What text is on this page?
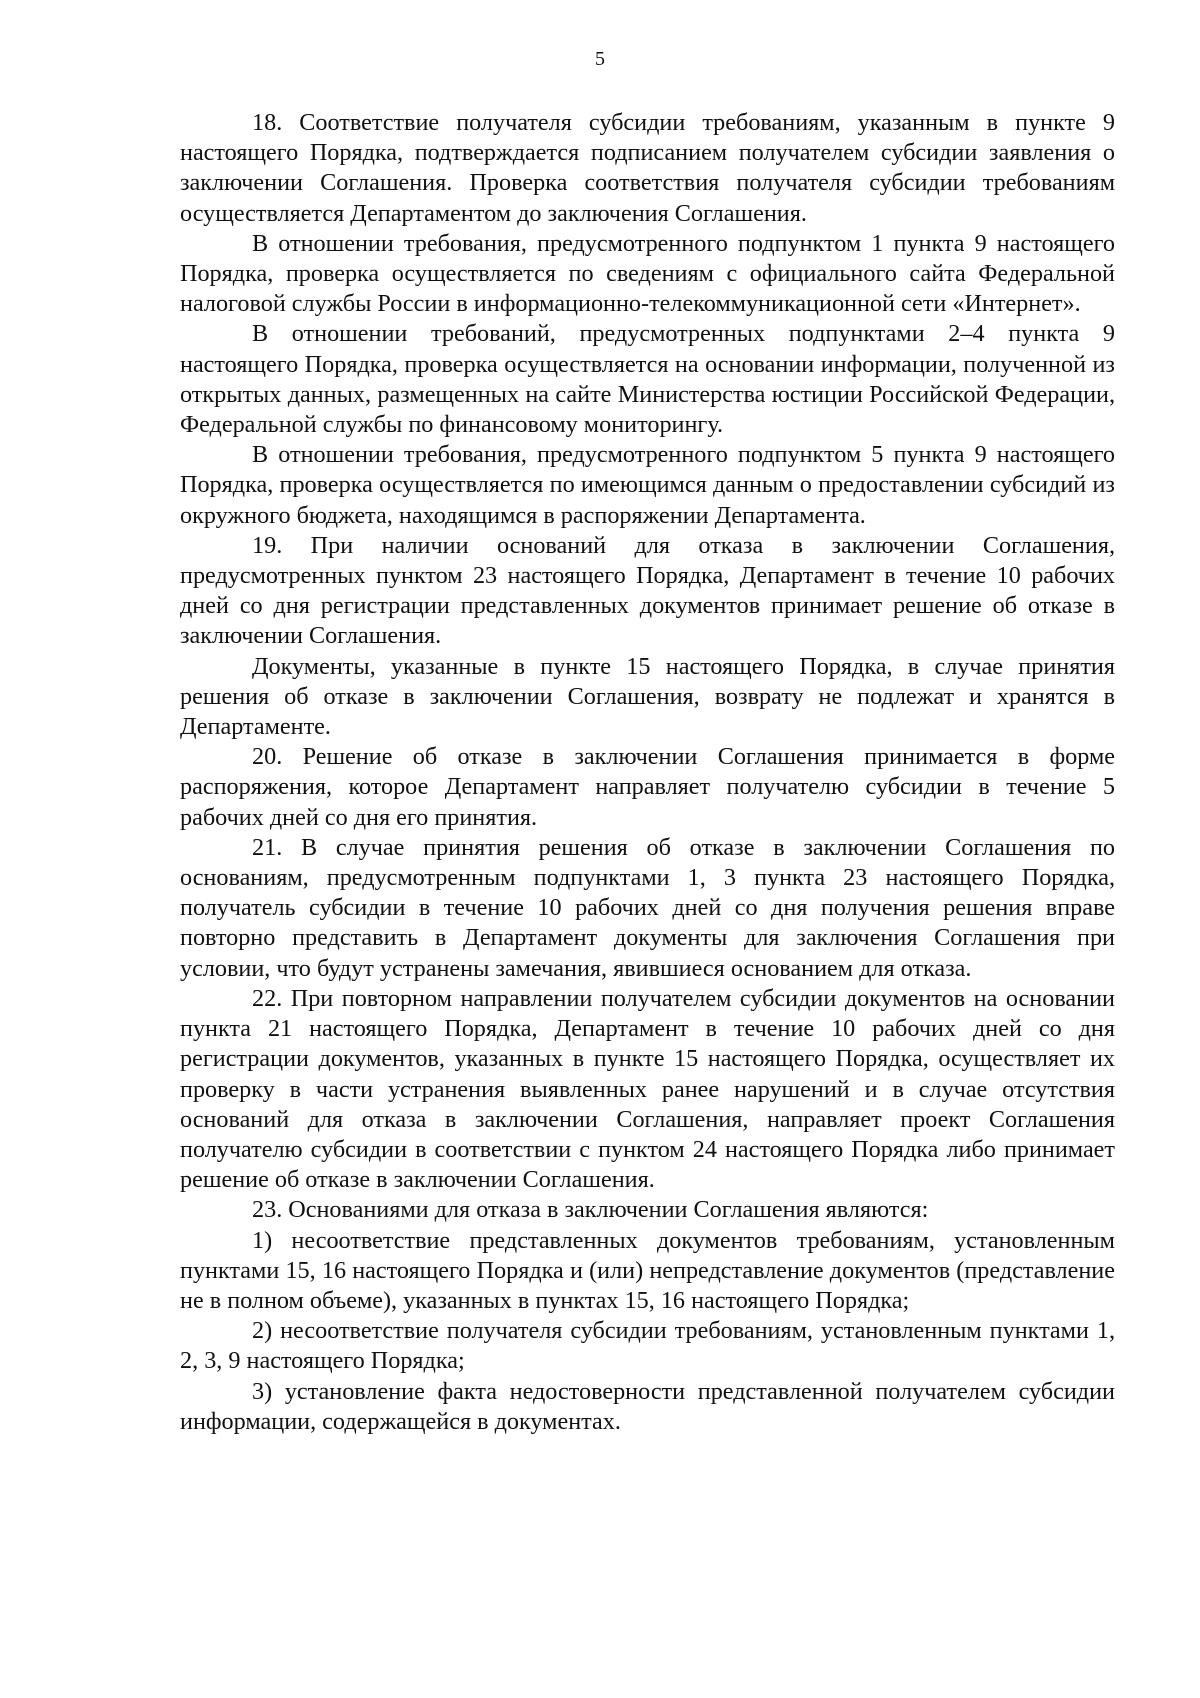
5

18. Соответствие получателя субсидии требованиям, указанным в пункте 9 настоящего Порядка, подтверждается подписанием получателем субсидии заявления о заключении Соглашения. Проверка соответствия получателя субсидии требованиям осуществляется Департаментом до заключения Соглашения.

В отношении требования, предусмотренного подпунктом 1 пункта 9 настоящего Порядка, проверка осуществляется по сведениям с официального сайта Федеральной налоговой службы России в информационно-телекоммуникационной сети «Интернет».

В отношении требований, предусмотренных подпунктами 2–4 пункта 9 настоящего Порядка, проверка осуществляется на основании информации, полученной из открытых данных, размещенных на сайте Министерства юстиции Российской Федерации, Федеральной службы по финансовому мониторингу.

В отношении требования, предусмотренного подпунктом 5 пункта 9 настоящего Порядка, проверка осуществляется по имеющимся данным о предоставлении субсидий из окружного бюджета, находящимся в распоряжении Департамента.

19. При наличии оснований для отказа в заключении Соглашения, предусмотренных пунктом 23 настоящего Порядка, Департамент в течение 10 рабочих дней со дня регистрации представленных документов принимает решение об отказе в заключении Соглашения.

Документы, указанные в пункте 15 настоящего Порядка, в случае принятия решения об отказе в заключении Соглашения, возврату не подлежат и хранятся в Департаменте.

20. Решение об отказе в заключении Соглашения принимается в форме распоряжения, которое Департамент направляет получателю субсидии в течение 5 рабочих дней со дня его принятия.

21. В случае принятия решения об отказе в заключении Соглашения по основаниям, предусмотренным подпунктами 1, 3 пункта 23 настоящего Порядка, получатель субсидии в течение 10 рабочих дней со дня получения решения вправе повторно представить в Департамент документы для заключения Соглашения при условии, что будут устранены замечания, явившиеся основанием для отказа.

22. При повторном направлении получателем субсидии документов на основании пункта 21 настоящего Порядка, Департамент в течение 10 рабочих дней со дня регистрации документов, указанных в пункте 15 настоящего Порядка, осуществляет их проверку в части устранения выявленных ранее нарушений и в случае отсутствия оснований для отказа в заключении Соглашения, направляет проект Соглашения получателю субсидии в соответствии с пунктом 24 настоящего Порядка либо принимает решение об отказе в заключении Соглашения.

23. Основаниями для отказа в заключении Соглашения являются:

1) несоответствие представленных документов требованиям, установленным пунктами 15, 16 настоящего Порядка и (или) непредставление документов (представление не в полном объеме), указанных в пунктах 15, 16 настоящего Порядка;

2) несоответствие получателя субсидии требованиям, установленным пунктами 1, 2, 3, 9 настоящего Порядка;

3) установление факта недостоверности представленной получателем субсидии информации, содержащейся в документах.
